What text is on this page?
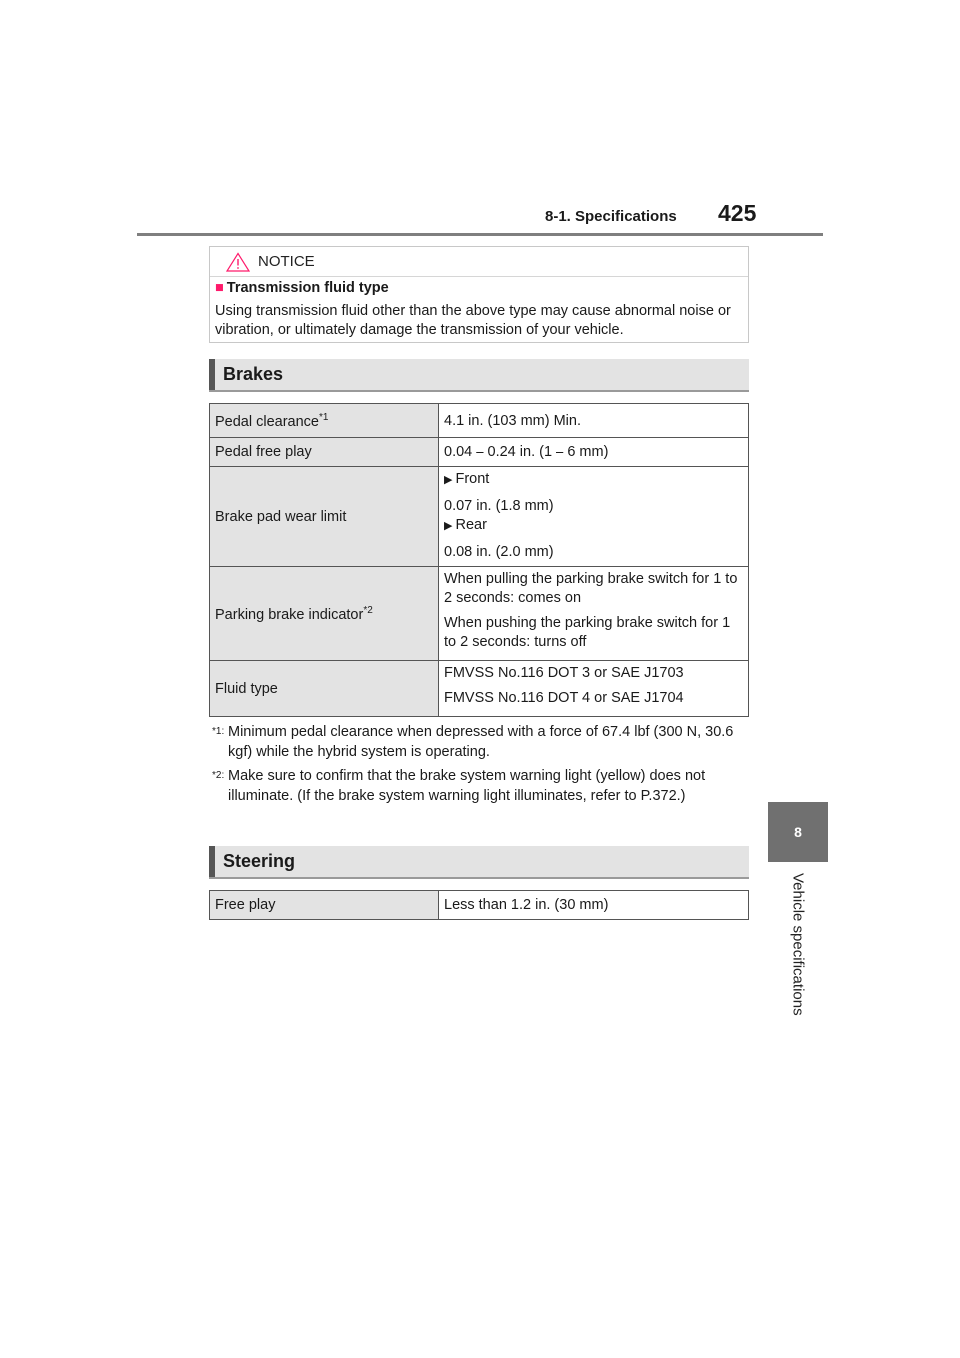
8-1. Specifications 425
8
Vehicle specifications
NOTICE
■ Transmission fluid type
Using transmission fluid other than the above type may cause abnormal noise or vibration, or ultimately damage the transmission of your vehicle.
Brakes
Pedal clearance$^{*1}$	4.1 in. (103 mm) Min.
Pedal free play	0.04 ⎯ 0.24 in. (1 ⎯ 6 mm)
Brake pad wear limit	▶ Front
0.07 in. (1.8 mm)
▶ Rear
0.08 in. (2.0 mm)

Parking brake indicator$^{*2}$	When pulling the parking brake switch for 1 to 2 seconds: comes on
When pushing the parking brake switch for 1 to 2 seconds: turns off

Fluid type	FMVSS No.116 DOT 3 or SAE J1703
FMVSS No.116 DOT 4 or SAE J1704
*1: Minimum pedal clearance when depressed with a force of 67.4 lbf (300 N, 30.6 kgf) while the hybrid system is operating.
*2: Make sure to confirm that the brake system warning light (yellow) does not illuminate. (If the brake system warning light illuminates, refer to P.372.)
Steering
Free play	Less than 1.2 in. (30 mm)
